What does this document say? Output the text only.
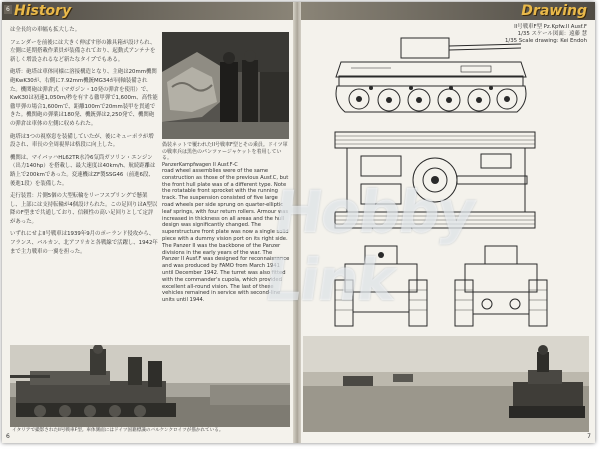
6 History

は全長約の車幅も拡大した。

フェンダーを前後には大きく伸ばす形の雑具箱が設けられ、左側に延期搭載作業員が装備されており、起動式アンテナを新しく増設されるなど新たなタイプでもある。

砲塔：砲塔は車体同様に溶接構造となり、主砲は20mm機関砲KwK30が、右側に7.92mm機銃MG34が同軸装備された。機関砲は弾倉式（マガジン・10発の弾倉を使用）で、KwK30は初速1,050m/秒を有する徹甲弾で1,600m、高性能徹甲弾の場合1,600mで、距離100mで20mm装甲を貫通できた。機関砲の弾薬は180発、機銃弾は2,250発で、機関砲の弾倉は車体の左側に収められた。

砲塔は3つの視察窓を装備していたが、後にキューポラが増設され、車長の全周視界は格段に向上した。

機関は、マイバッハHL62TR水冷6気筒ガソリン・エンジン（出力140hp）を搭載し、最大速度は40km/h、航続距離は路上で200kmであった。変速機はZF製SSG46（前進6段、後進1段）を装備した。

走行装置：片側5個の大型転輪をリーフスプリングで懸架し、上部には支持転輪が4個設けられた。この足回りはA型以降のF型まで共通しており、信頼性の高い足回りとして定評があった。

いずれにせよII号戦車は1939年9月のポーランド侵攻から、フランス、バルカン、北アフリカと各戦線で活躍し、1942年まで主力戦車の一翼を担った。

偽装ネットで覆われたII号戦車F型とその乗員。ドイツ軍の戦車兵は黒色のパンツァージャケットを着用している。
PanzerKampfwagen II Ausf.F-C
イタリアで撮影されたII号戦車F型。車体側面にはドイツ国籍標識のバルケンクロイツが描かれている。
6
Drawing
II号戦車F型 Pz.Kpfw.II Ausf.F
1/35 スケール図面：遠藤 慧
1/35 Scale drawing: Kei Endoh
7
road wheel assemblies were of the same construction as those of the previous Ausf.C, but the front hull plate was of a different type. Note the rotatable front sprocket with the running track. The suspension consisted of five large road wheels per side sprung on quarter-elliptic leaf springs, with four return rollers. Armour was increased in thickness on all areas and the hull design was significantly changed. The superstructure front plate was now a single solid piece with a dummy vision port on its right side. The Panzer II was the backbone of the Panzer divisions in the early years of the war. The Panzer II Ausf.F was designed for reconnaissance and was produced by FAMO from March 1941 until December 1942. The turret was also fitted with the commander's cupola, which provided excellent all-round vision. The last of these vehicles remained in service with second-line units until 1944.
Hobby Link
